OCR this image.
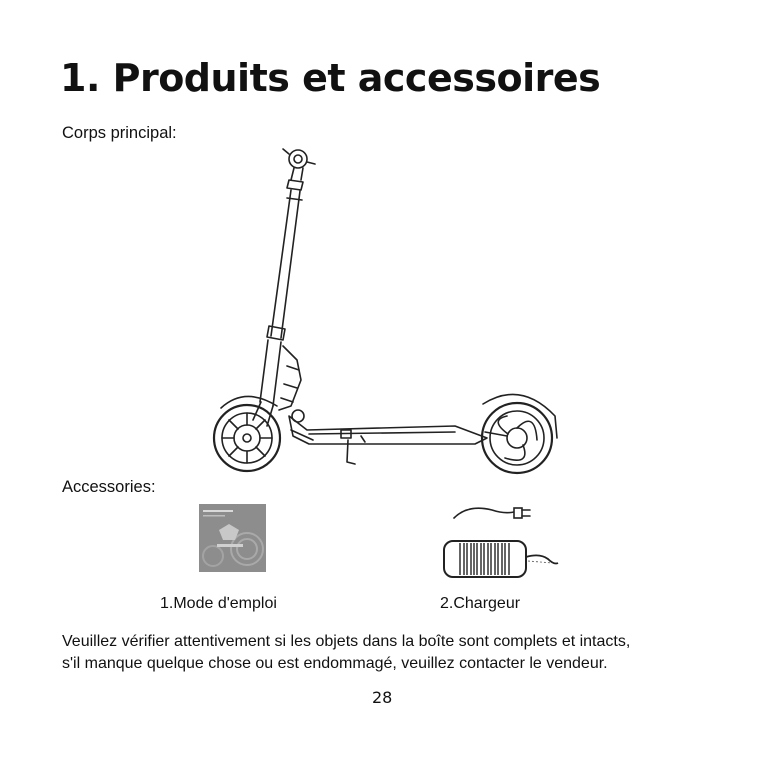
1. Produits et accessoires
Corps principal:
Accessories:
1.Mode d'emploi	2.Chargeur
Veuillez vérifier attentivement si les objets dans la boîte sont complets et intacts,
s'il manque quelque chose ou est endommagé, veuillez contacter le vendeur.
28
